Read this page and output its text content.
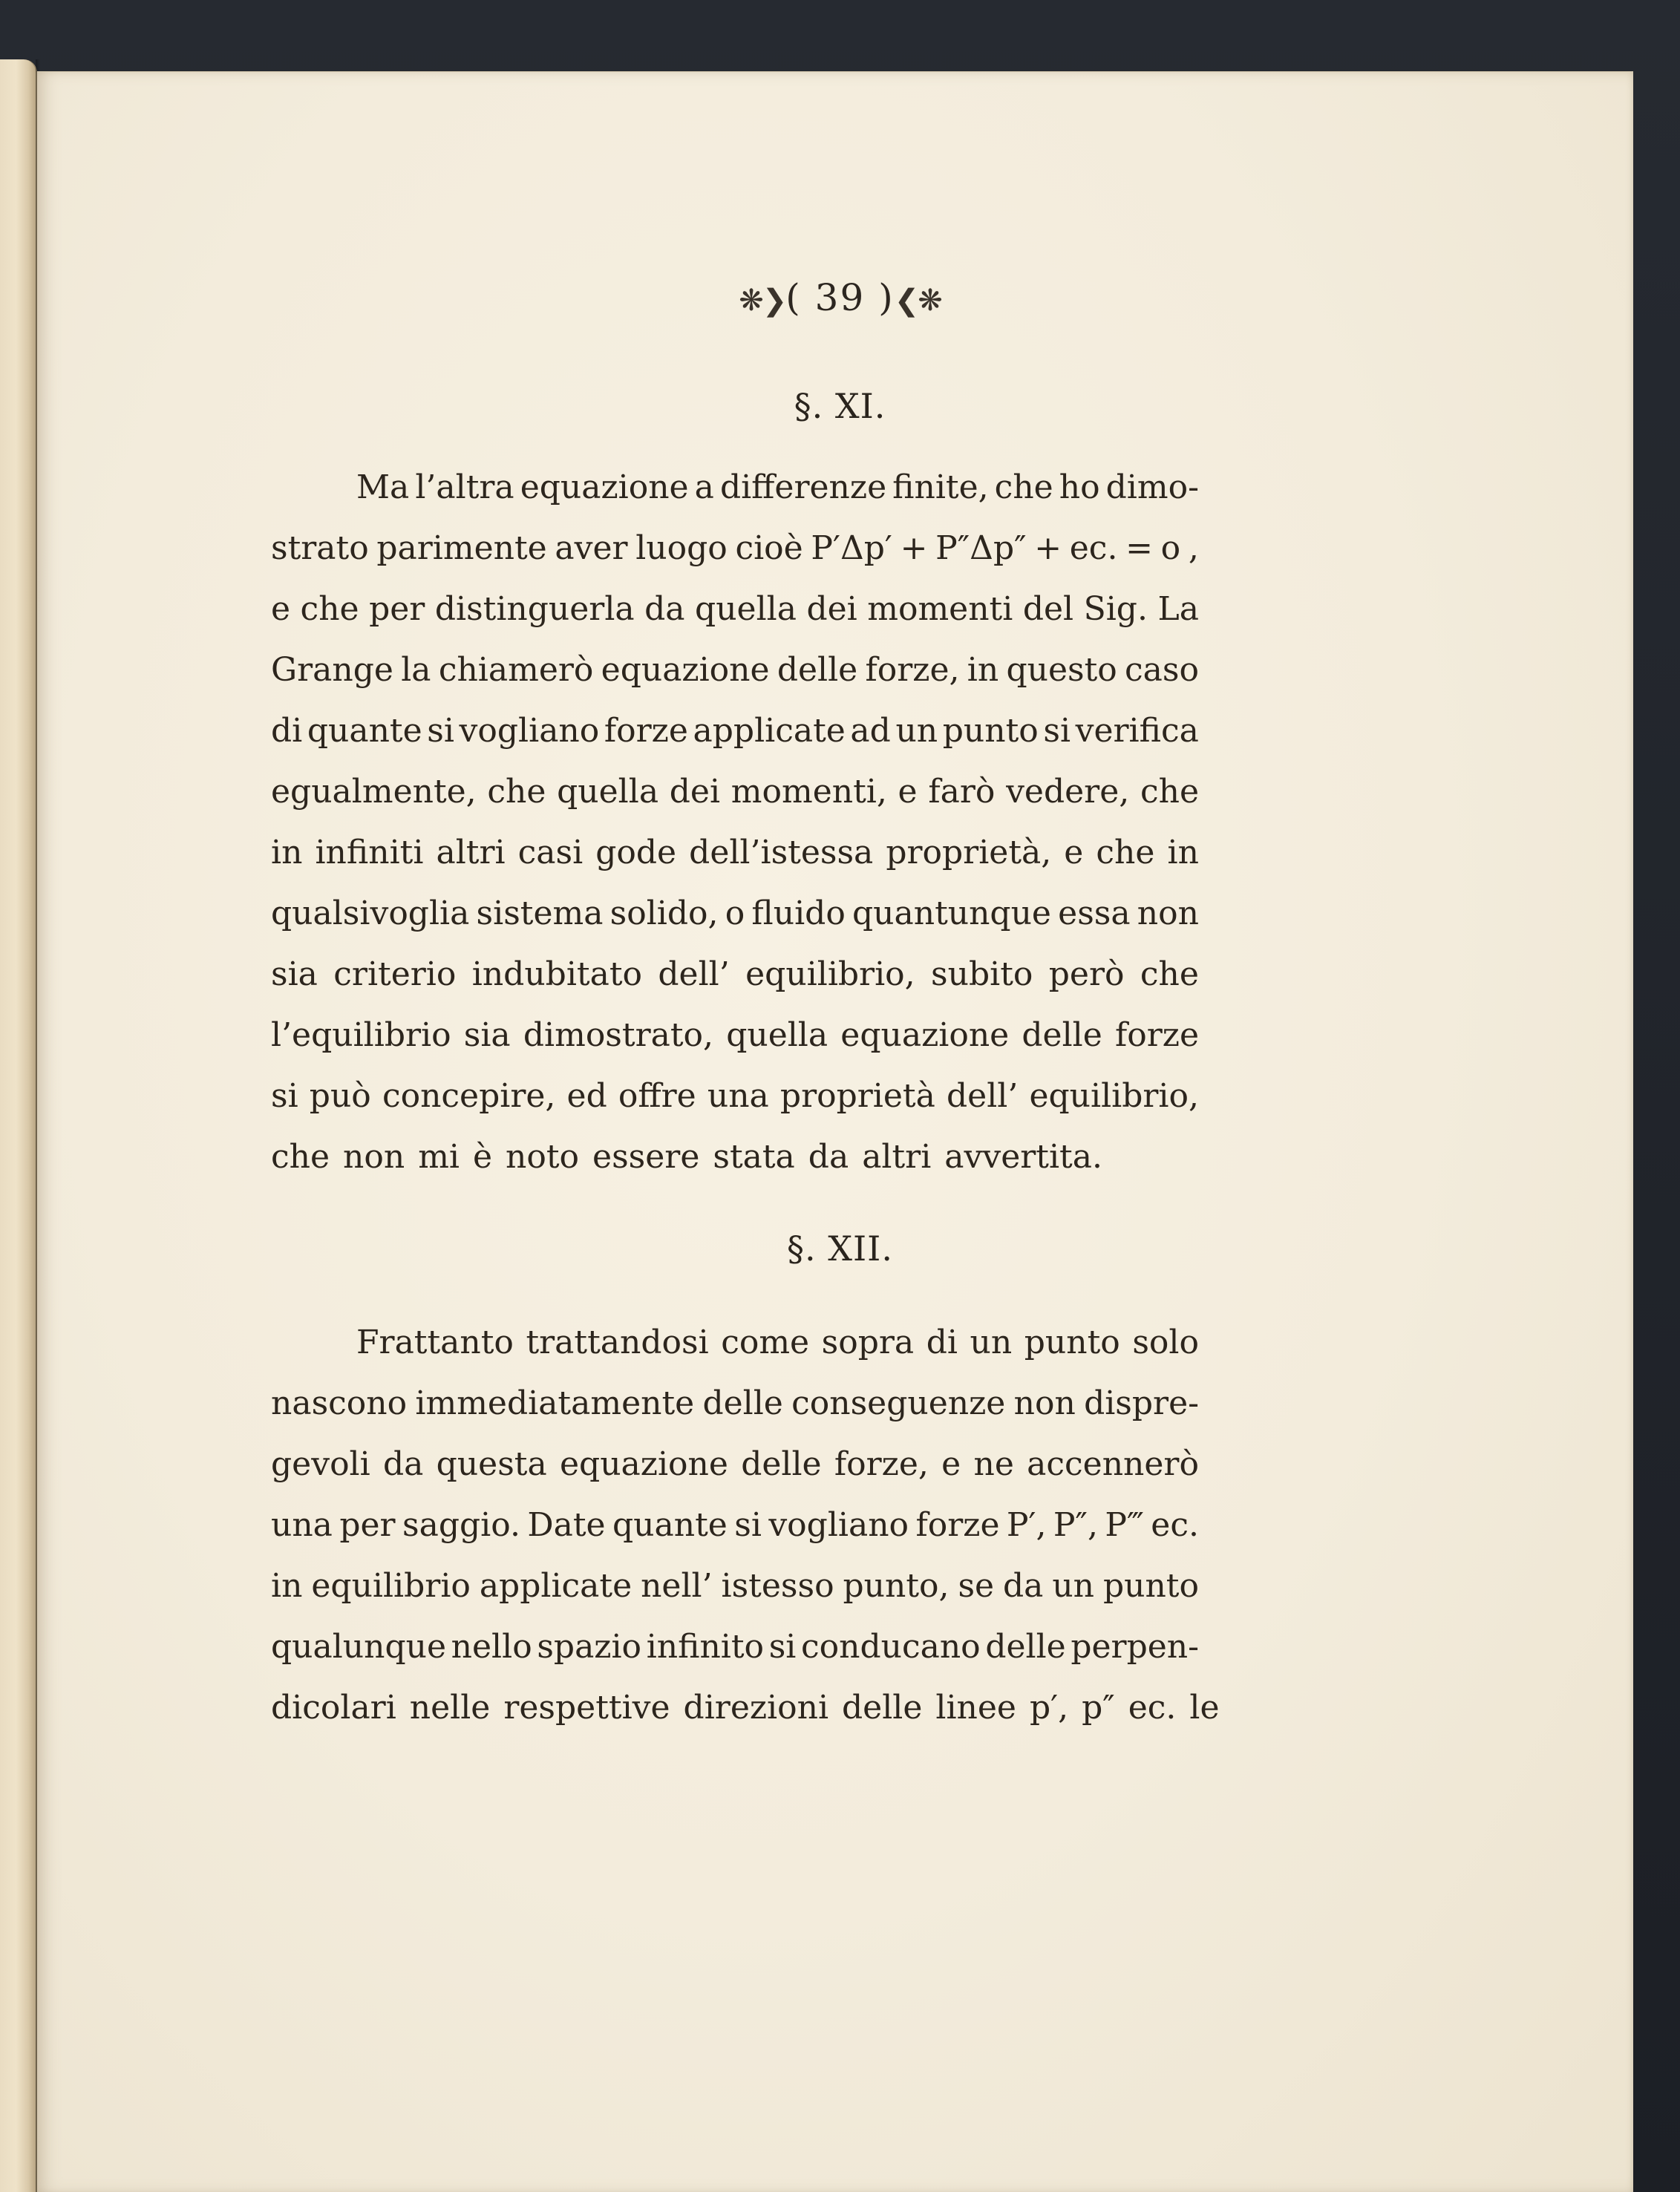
❋❯( 39 )❮❋
§. XI.
Ma l’altra equazione a differenze finite, che ho dimo-
strato parimente aver luogo cioè P′Δp′ + P″Δp″ + ec. = o ,
e che per distinguerla da quella dei momenti del Sig. La
Grange la chiamerò equazione delle forze, in questo caso
di quante si vogliano forze applicate ad un punto si verifica
egualmente, che quella dei momenti, e farò vedere, che
in infiniti altri casi gode dell’istessa proprietà, e che in
qualsivoglia sistema solido, o fluido quantunque essa non
sia criterio indubitato dell’ equilibrio, subito però che
l’equilibrio sia dimostrato, quella equazione delle forze
si può concepire, ed offre una proprietà dell’ equilibrio,
che non mi è noto essere stata da altri avvertita.
§. XII.
Frattanto trattandosi come sopra di un punto solo
nascono immediatamente delle conseguenze non dispre-
gevoli da questa equazione delle forze, e ne accennerò
una per saggio. Date quante si vogliano forze P′, P″, P‴ ec.
in equilibrio applicate nell’ istesso punto, se da un punto
qualunque nello spazio infinito si conducano delle perpen-
dicolari nelle respettive direzioni delle linee p′, p″ ec. le
